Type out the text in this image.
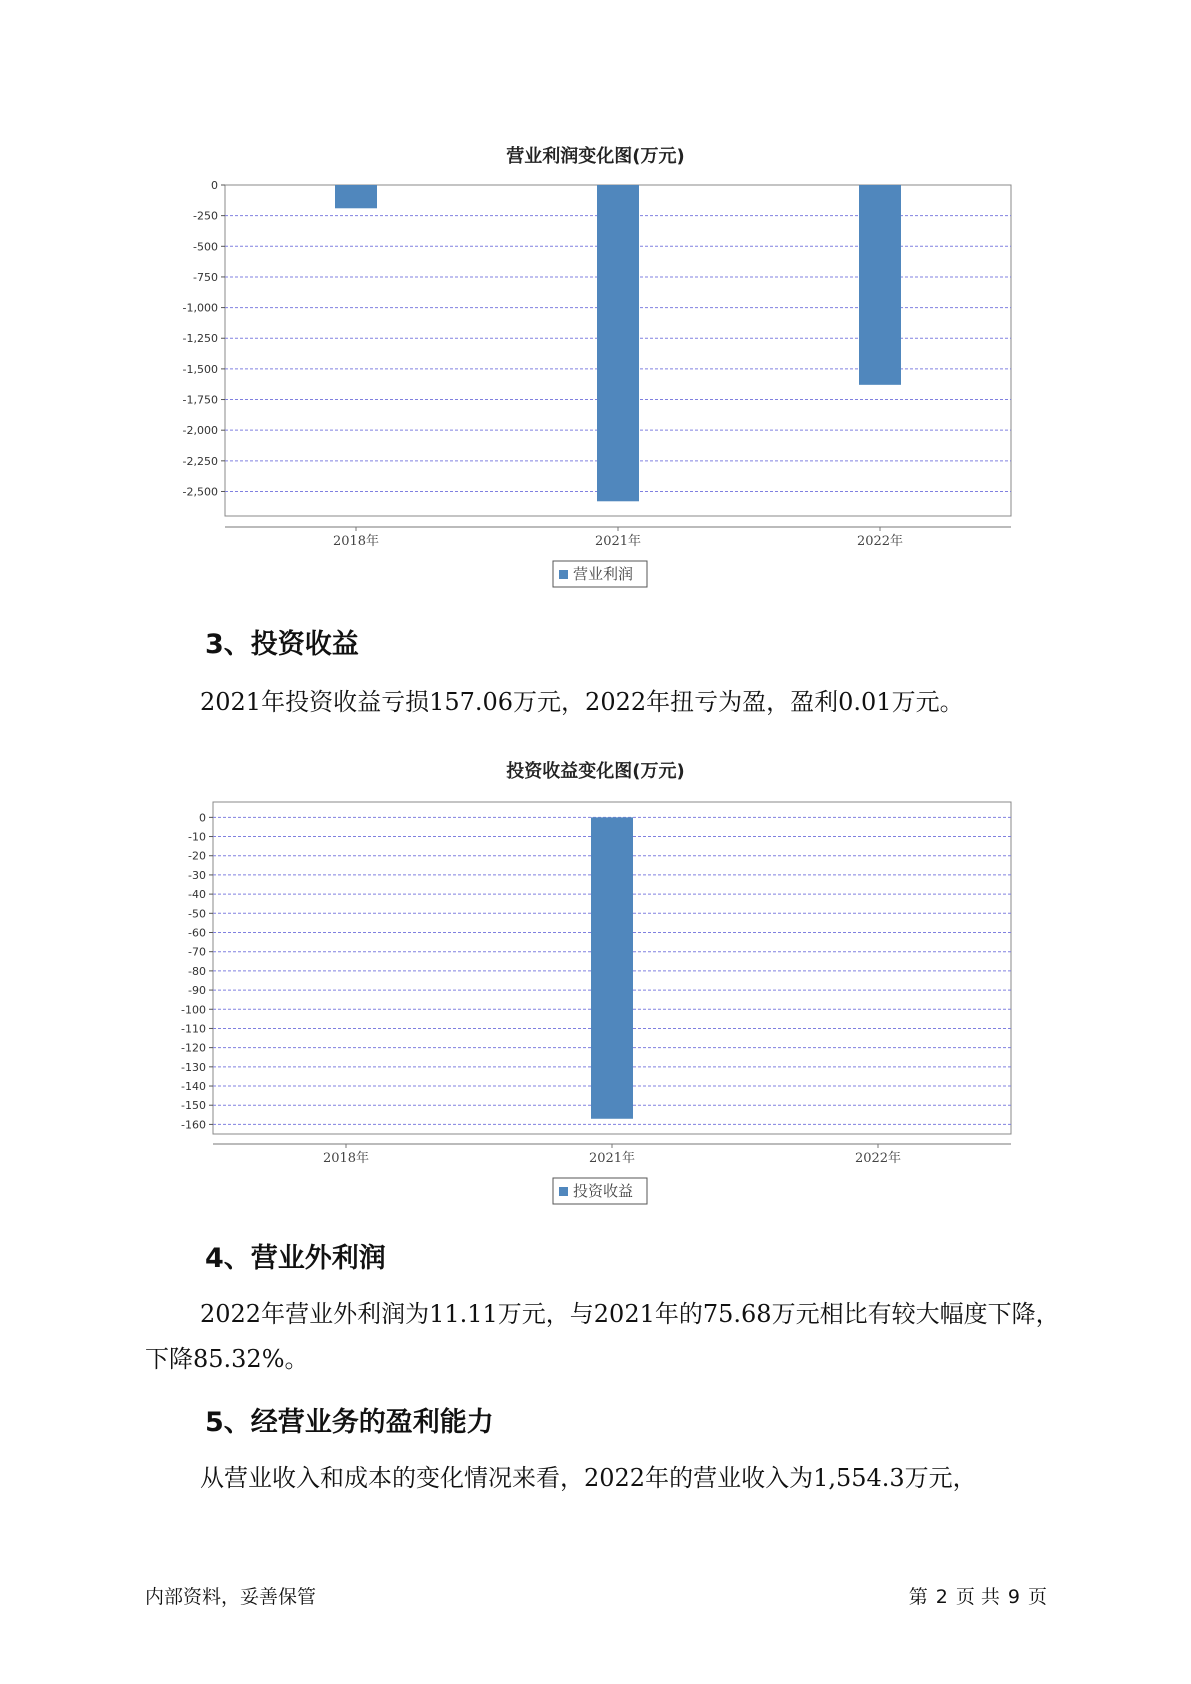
营业利润变化图(万元)
0
-250
-500
-750
-1,000
-1,250
-1,500
-1,750
-2,000
-2,250
-2,500
2018年	2021年	2022年
营业利润
3、投资收益

2021年投资收益亏损157.06万元，2022年扭亏为盈，盈利0.01万元。

投资收益变化图(万元)
0
-10
-20
-30
-40
-50
-60
-70
-80
-90
-100
-110
-120
-130
-140
-150
-160
2018年	2021年	2022年
投资收益
4、营业外利润

2022年营业外利润为11.11万元，与2021年的75.68万元相比有较大幅度下降，下降85.32%。

5、经营业务的盈利能力

从营业收入和成本的变化情况来看，2022年的营业收入为1,554.3万元，

内部资料，妥善保管	第 2 页 共 9 页
